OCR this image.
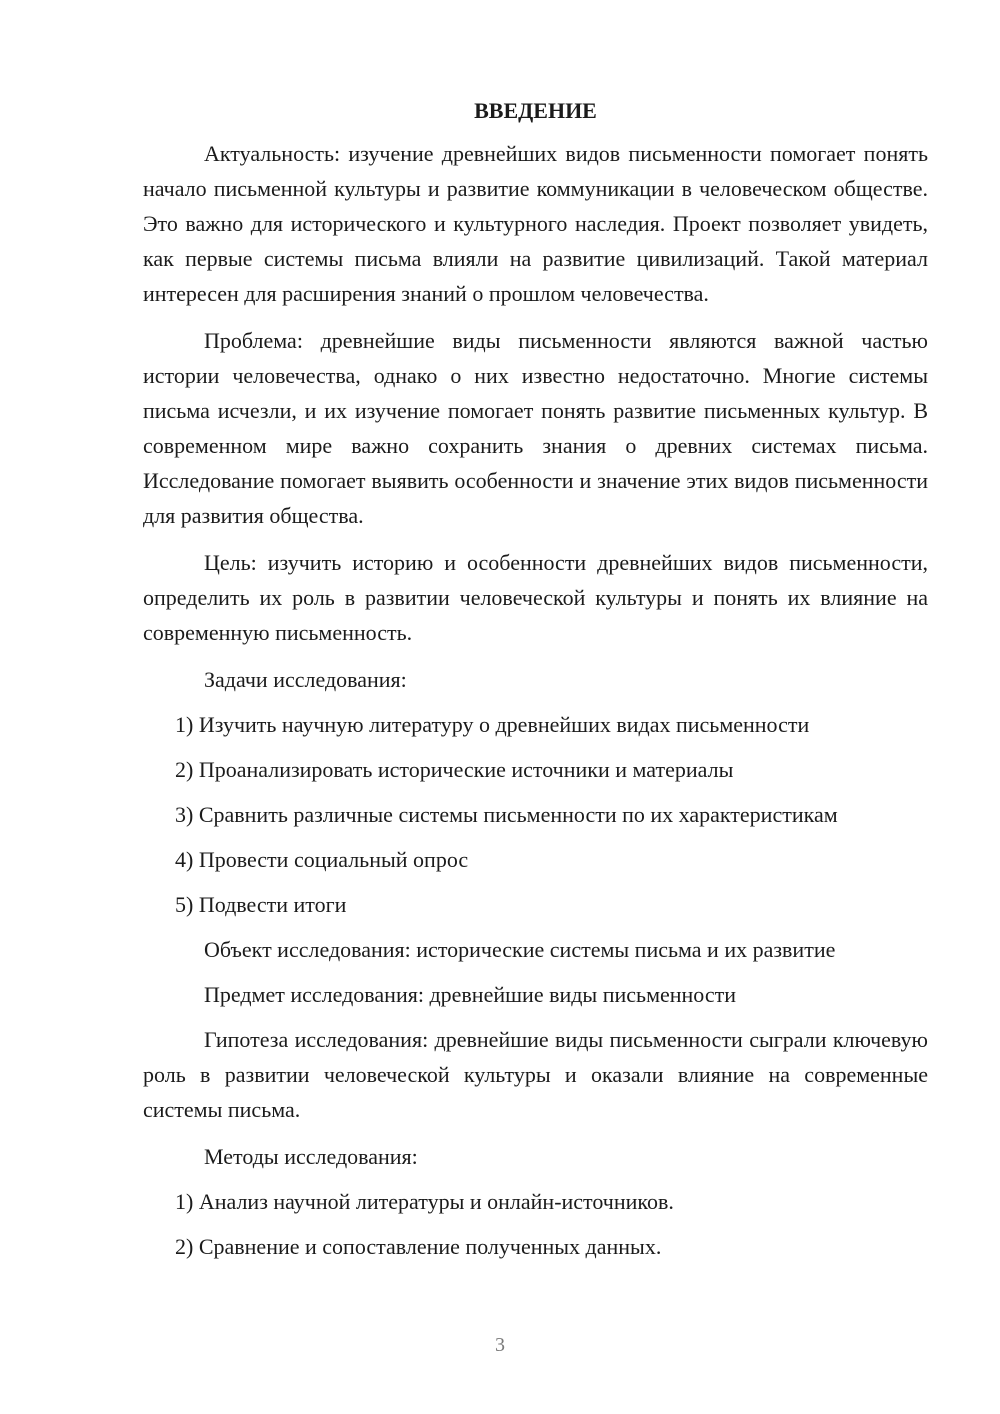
ВВЕДЕНИЕ

Актуальность: изучение древнейших видов письменности помогает понять начало письменной культуры и развитие коммуникации в человеческом обществе. Это важно для исторического и культурного наследия. Проект позволяет увидеть, как первые системы письма влияли на развитие цивилизаций. Такой материал интересен для расширения знаний о прошлом человечества.

Проблема: древнейшие виды письменности являются важной частью истории человечества, однако о них известно недостаточно. Многие системы письма исчезли, и их изучение помогает понять развитие письменных культур. В современном мире важно сохранить знания о древних системах письма. Исследование помогает выявить особенности и значение этих видов письменности для развития общества.

Цель: изучить историю и особенности древнейших видов письменности, определить их роль в развитии человеческой культуры и понять их влияние на современную письменность.

Задачи исследования:
1) Изучить научную литературу о древнейших видах письменности
2) Проанализировать исторические источники и материалы
3) Сравнить различные системы письменности по их характеристикам
4) Провести социальный опрос
5) Подвести итоги
Объект исследования: исторические системы письма и их развитие
Предмет исследования: древнейшие виды письменности

Гипотеза исследования: древнейшие виды письменности сыграли ключевую роль в развитии человеческой культуры и оказали влияние на современные системы письма.

Методы исследования:
1) Анализ научной литературы и онлайн-источников.
2) Сравнение и сопоставление полученных данных.
3
